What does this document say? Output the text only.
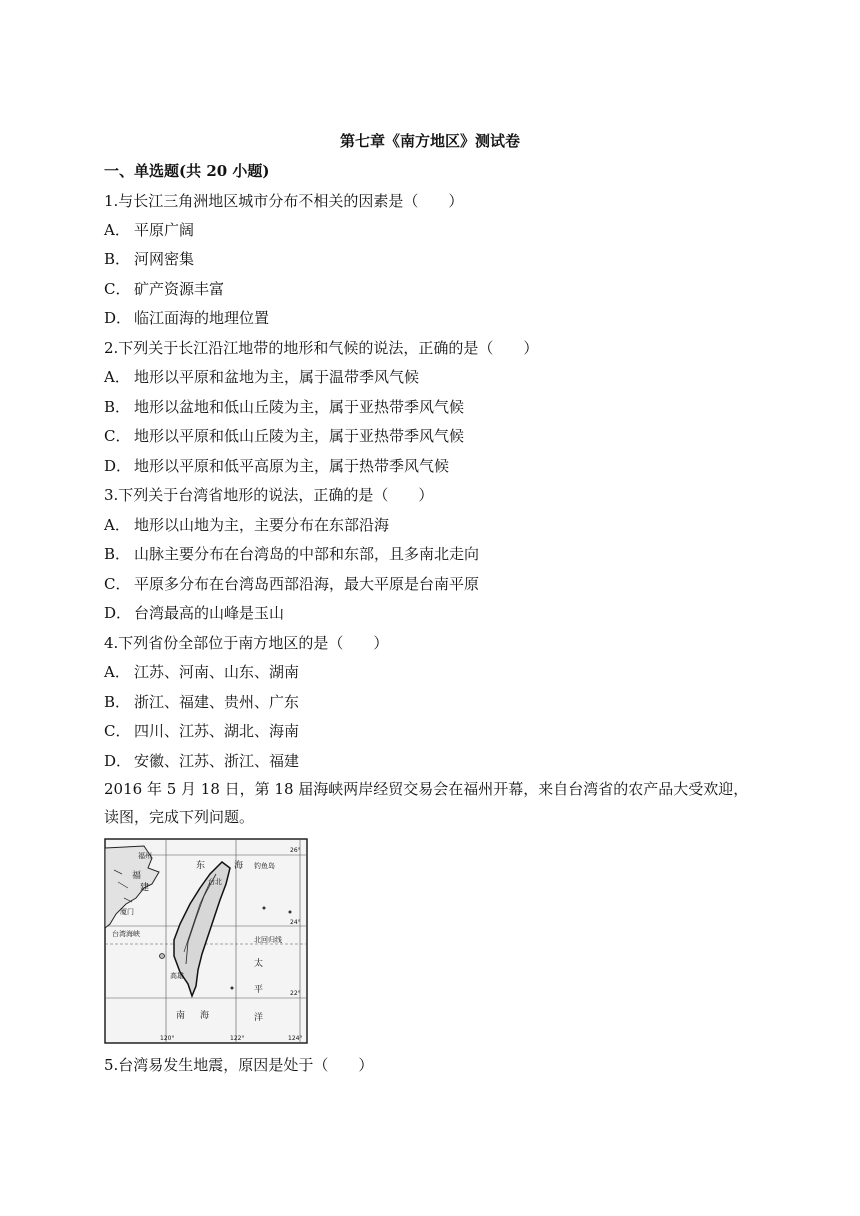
第七章《南方地区》测试卷
一、单选题(共 20 小题)
1.与长江三角洲地区城市分布不相关的因素是（　　）
A． 平原广阔
B． 河网密集
C． 矿产资源丰富
D． 临江面海的地理位置
2.下列关于长江沿江地带的地形和气候的说法，正确的是（　　）
A． 地形以平原和盆地为主，属于温带季风气候
B． 地形以盆地和低山丘陵为主，属于亚热带季风气候
C． 地形以平原和低山丘陵为主，属于亚热带季风气候
D． 地形以平原和低平高原为主，属于热带季风气候
3.下列关于台湾省地形的说法，正确的是（　　）
A． 地形以山地为主，主要分布在东部沿海
B． 山脉主要分布在台湾岛的中部和东部，且多南北走向
C． 平原多分布在台湾岛西部沿海，最大平原是台南平原
D． 台湾最高的山峰是玉山
4.下列省份全部位于南方地区的是（　　）
A． 江苏、河南、山东、湖南
B． 浙江、福建、贵州、广东
C． 四川、江苏、湖北、海南
D． 安徽、江苏、浙江、福建
2016 年 5 月 18 日，第 18 届海峡两岸经贸交易会在福州开幕，来自台湾省的农产品大受欢迎，读图，完成下列问题。
福州
东	海 钓鱼岛
台北
厦门
福
建
台湾海峡
北回归线
高雄
太
平
洋
南 海
26°
24°
22°
120°	122°	124°
5.台湾易发生地震，原因是处于（　　）
